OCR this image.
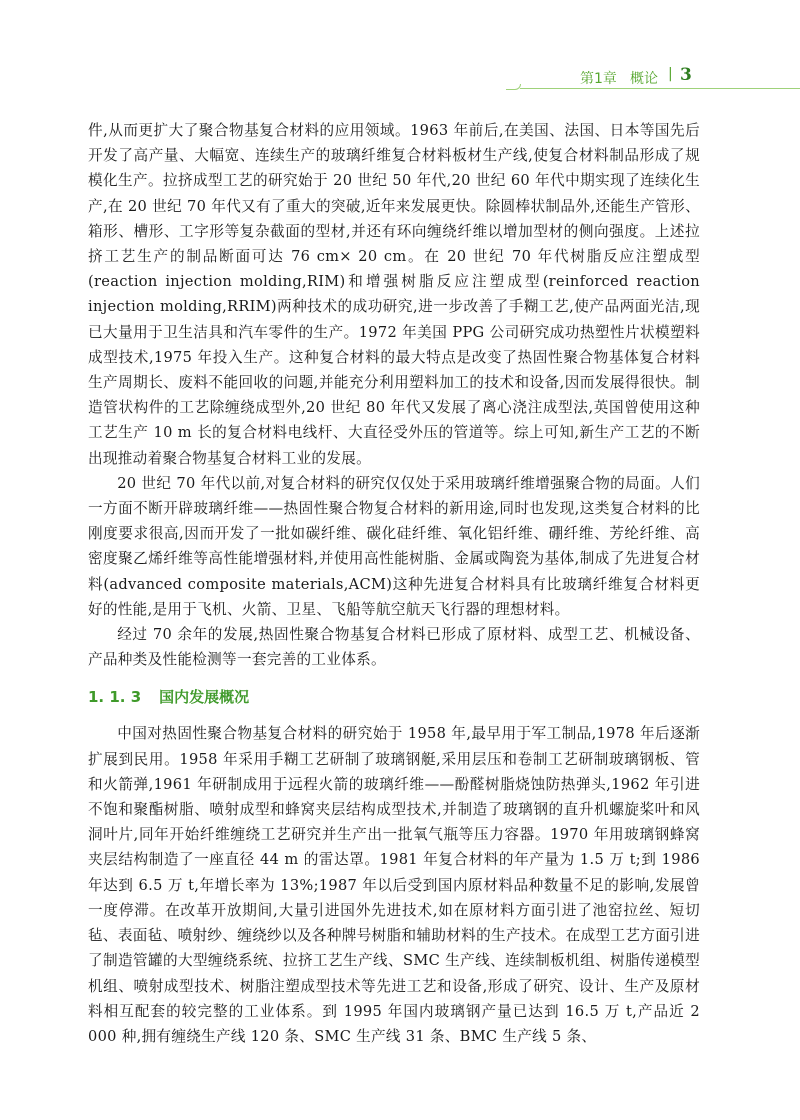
第1章 概论 | 3

件,从而更扩大了聚合物基复合材料的应用领域。1963 年前后,在美国、法国、日本等国先后开发了高产量、大幅宽、连续生产的玻璃纤维复合材料板材生产线,使复合材料制品形成了规模化生产。拉挤成型工艺的研究始于 20 世纪 50 年代,20 世纪 60 年代中期实现了连续化生产,在 20 世纪 70 年代又有了重大的突破,近年来发展更快。除圆棒状制品外,还能生产管形、箱形、槽形、工字形等复杂截面的型材,并还有环向缠绕纤维以增加型材的侧向强度。上述拉挤工艺生产的制品断面可达 76 cm× 20 cm。在 20 世纪 70 年代树脂反应注塑成型(reaction injection molding,RIM)和增强树脂反应注塑成型(reinforced reaction injection molding,RRIM)两种技术的成功研究,进一步改善了手糊工艺,使产品两面光洁,现已大量用于卫生洁具和汽车零件的生产。1972 年美国 PPG 公司研究成功热塑性片状模塑料成型技术,1975 年投入生产。这种复合材料的最大特点是改变了热固性聚合物基体复合材料生产周期长、废料不能回收的问题,并能充分利用塑料加工的技术和设备,因而发展得很快。制造管状构件的工艺除缠绕成型外,20 世纪 80 年代又发展了离心浇注成型法,英国曾使用这种工艺生产 10 m 长的复合材料电线杆、大直径受外压的管道等。综上可知,新生产工艺的不断出现推动着聚合物基复合材料工业的发展。

20 世纪 70 年代以前,对复合材料的研究仅仅处于采用玻璃纤维增强聚合物的局面。人们一方面不断开辟玻璃纤维——热固性聚合物复合材料的新用途,同时也发现,这类复合材料的比刚度要求很高,因而开发了一批如碳纤维、碳化硅纤维、氧化铝纤维、硼纤维、芳纶纤维、高密度聚乙烯纤维等高性能增强材料,并使用高性能树脂、金属或陶瓷为基体,制成了先进复合材料(advanced composite materials,ACM)这种先进复合材料具有比玻璃纤维复合材料更好的性能,是用于飞机、火箭、卫星、飞船等航空航天飞行器的理想材料。

经过 70 余年的发展,热固性聚合物基复合材料已形成了原材料、成型工艺、机械设备、产品种类及性能检测等一套完善的工业体系。

1. 1. 3 国内发展概况

中国对热固性聚合物基复合材料的研究始于 1958 年,最早用于军工制品,1978 年后逐渐扩展到民用。1958 年采用手糊工艺研制了玻璃钢艇,采用层压和卷制工艺研制玻璃钢板、管和火箭弹,1961 年研制成用于远程火箭的玻璃纤维——酚醛树脂烧蚀防热弹头,1962 年引进不饱和聚酯树脂、喷射成型和蜂窝夹层结构成型技术,并制造了玻璃钢的直升机螺旋桨叶和风洞叶片,同年开始纤维缠绕工艺研究并生产出一批氧气瓶等压力容器。1970 年用玻璃钢蜂窝夹层结构制造了一座直径 44 m 的雷达罩。1981 年复合材料的年产量为 1.5 万 t;到 1986 年达到 6.5 万 t,年增长率为 13%;1987 年以后受到国内原材料品种数量不足的影响,发展曾一度停滞。在改革开放期间,大量引进国外先进技术,如在原材料方面引进了池窑拉丝、短切毡、表面毡、喷射纱、缠绕纱以及各种牌号树脂和辅助材料的生产技术。在成型工艺方面引进了制造管罐的大型缠绕系统、拉挤工艺生产线、SMC 生产线、连续制板机组、树脂传递模型机组、喷射成型技术、树脂注塑成型技术等先进工艺和设备,形成了研究、设计、生产及原材料相互配套的较完整的工业体系。到 1995 年国内玻璃钢产量已达到 16.5 万 t,产品近 2 000 种,拥有缠绕生产线 120 条、SMC 生产线 31 条、BMC 生产线 5 条、
